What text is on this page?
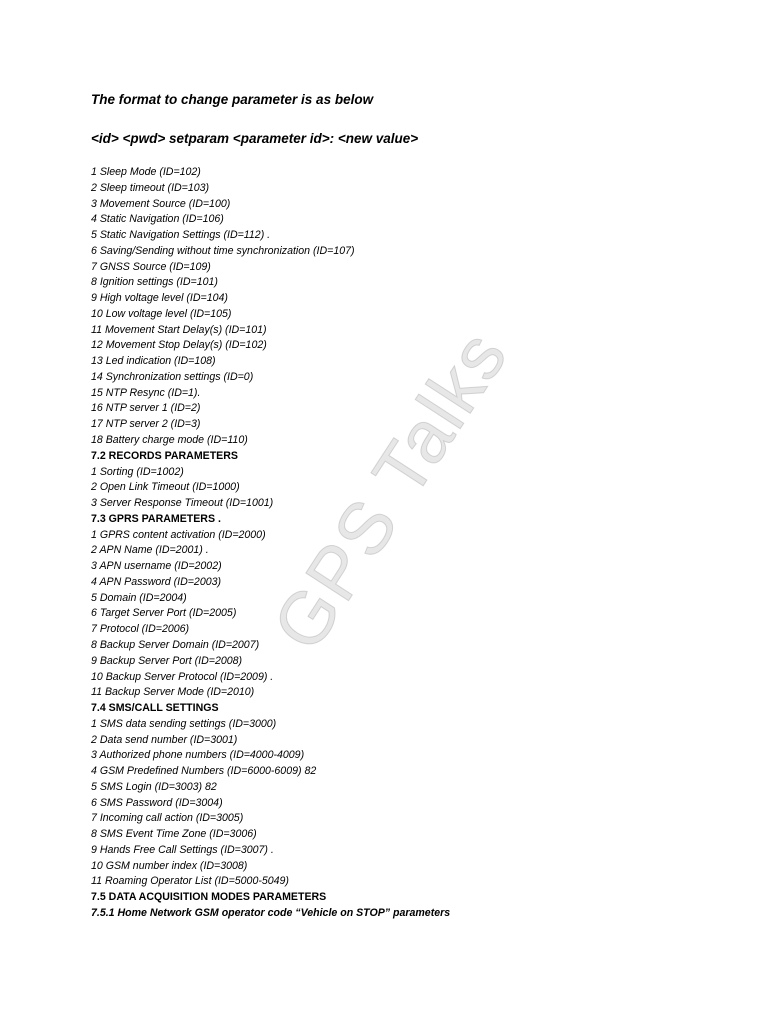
The format to change parameter is as below
<id> <pwd> setparam <parameter id>: <new value>
1 Sleep Mode (ID=102)
2 Sleep timeout (ID=103)
3 Movement Source (ID=100)
4 Static Navigation (ID=106)
5 Static Navigation Settings (ID=112) .
6 Saving/Sending without time synchronization (ID=107)
7 GNSS Source (ID=109)
8 Ignition settings (ID=101)
9 High voltage level (ID=104)
10 Low voltage level (ID=105)
11 Movement Start Delay(s) (ID=101)
12 Movement Stop Delay(s) (ID=102)
13 Led indication (ID=108)
14 Synchronization settings (ID=0)
15 NTP Resync (ID=1).
16 NTP server 1 (ID=2)
17 NTP server 2 (ID=3)
18 Battery charge mode (ID=110)
7.2 RECORDS PARAMETERS
1 Sorting (ID=1002)
2 Open Link Timeout (ID=1000)
3 Server Response Timeout (ID=1001)
7.3 GPRS PARAMETERS .
1 GPRS content activation (ID=2000)
2 APN Name (ID=2001) .
3 APN username (ID=2002)
4 APN Password (ID=2003)
5 Domain (ID=2004)
6 Target Server Port (ID=2005)
7 Protocol (ID=2006)
8 Backup Server Domain (ID=2007)
9 Backup Server Port (ID=2008)
10 Backup Server Protocol (ID=2009) .
11 Backup Server Mode (ID=2010)
7.4 SMS/CALL SETTINGS
1 SMS data sending settings (ID=3000)
2 Data send number (ID=3001)
3 Authorized phone numbers (ID=4000-4009)
4 GSM Predefined Numbers (ID=6000-6009) 82
5 SMS Login (ID=3003) 82
6 SMS Password (ID=3004)
7 Incoming call action (ID=3005)
8 SMS Event Time Zone (ID=3006)
9 Hands Free Call Settings (ID=3007) .
10 GSM number index (ID=3008)
11 Roaming Operator List (ID=5000-5049)
7.5 DATA ACQUISITION MODES PARAMETERS
7.5.1 Home Network GSM operator code “Vehicle on STOP” parameters
GPS Talks
